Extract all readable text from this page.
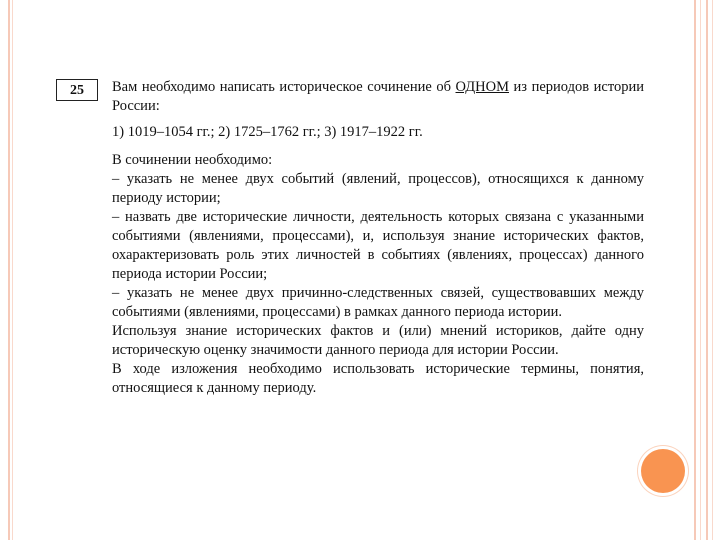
25	Вам необходимо написать историческое сочинение об ОДНОМ из периодов истории России:

1) 1019–1054 гг.; 2) 1725–1762 гг.; 3) 1917–1922 гг.

В сочинении необходимо:

– указать не менее двух событий (явлений, процессов), относящихся к данному периоду истории;

– назвать две исторические личности, деятельность которых связана с указанными событиями (явлениями, процессами), и, используя знание исторических фактов, охарактеризовать роль этих личностей в событиях (явлениях, процессах) данного периода истории России;

– указать не менее двух причинно-следственных связей, существовавших между событиями (явлениями, процессами) в рамках данного периода истории.

Используя знание исторических фактов и (или) мнений историков, дайте одну историческую оценку значимости данного периода для истории России.

В ходе изложения необходимо использовать исторические термины, понятия, относящиеся к данному периоду.
